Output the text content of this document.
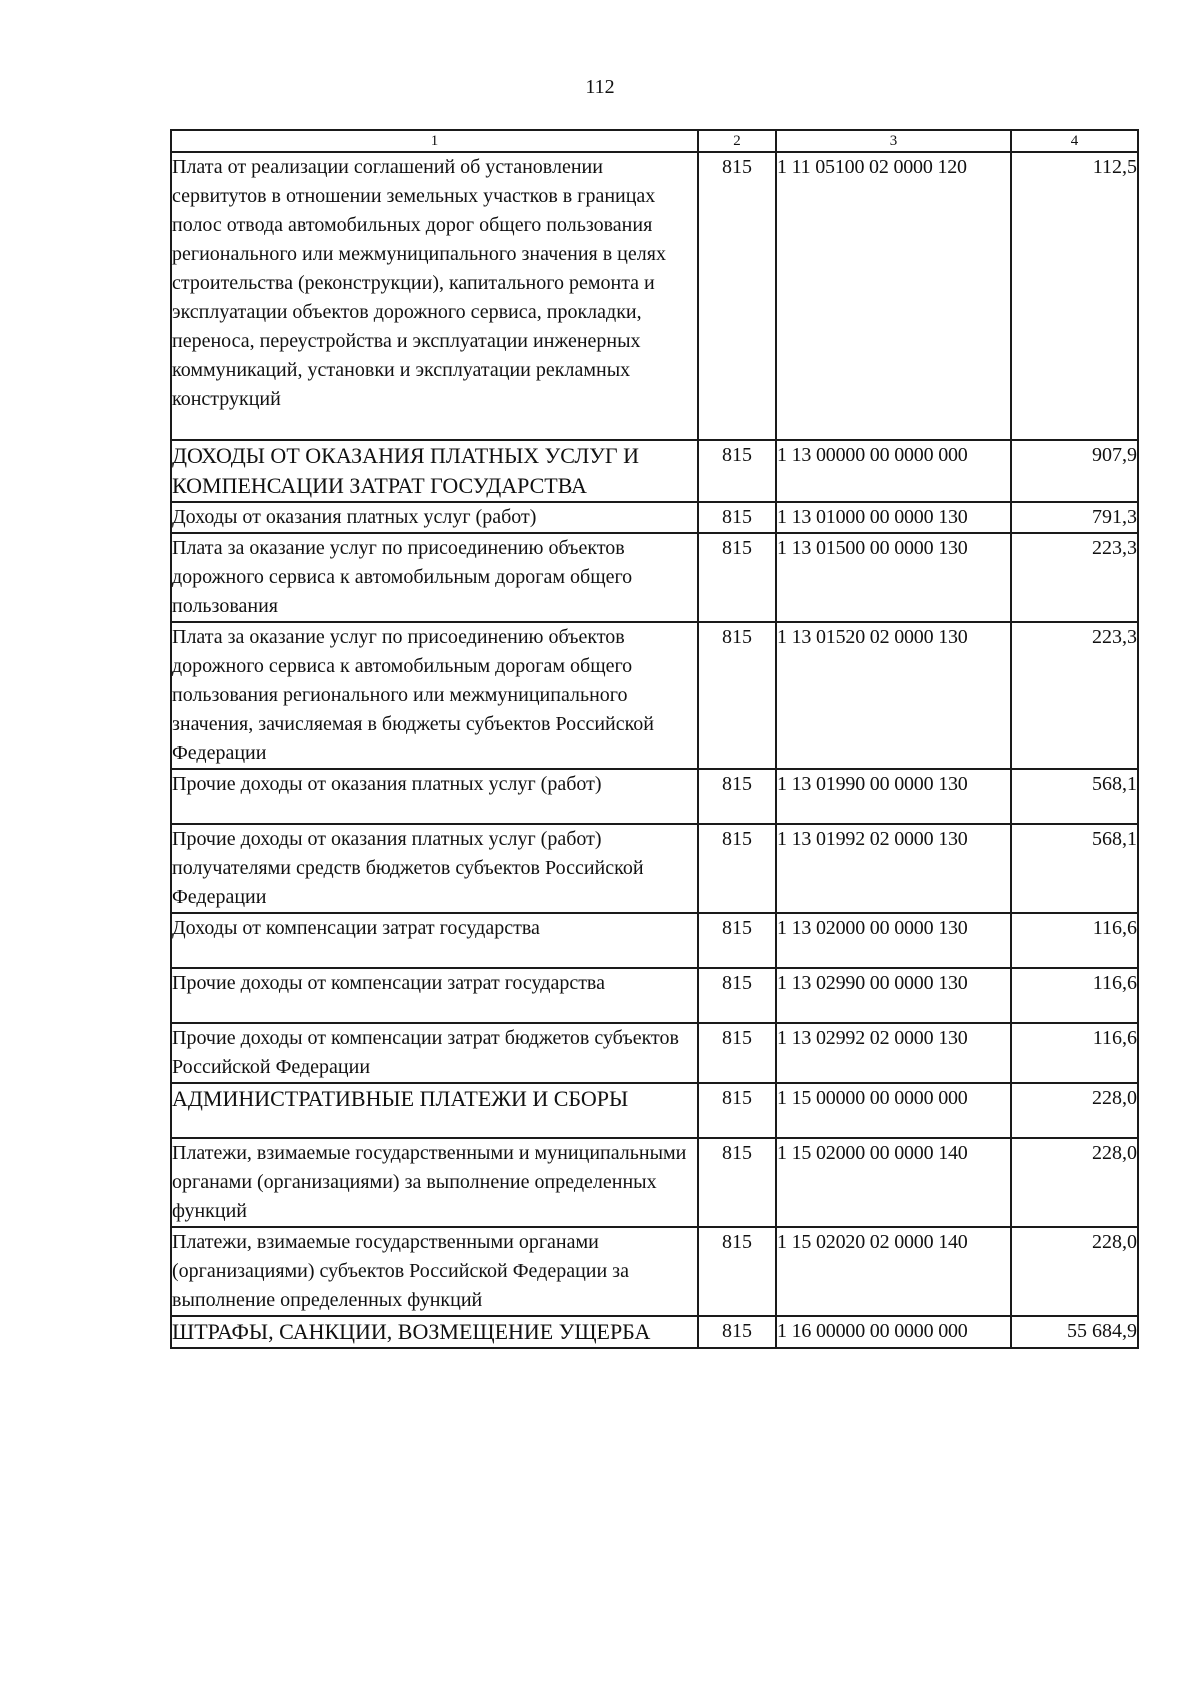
112
1	2	3	4
Плата от реализации соглашений об установлении сервитутов в отношении земельных участков в границах полос отвода автомобильных дорог общего пользования регионального или межмуниципального значения в целях строительства (реконструкции), капитального ремонта и эксплуатации объектов дорожного сервиса, прокладки, переноса, переустройства и эксплуатации инженерных коммуникаций, установки и эксплуатации рекламных конструкций	815	1 11 05100 02 0000 120	112,5
ДОХОДЫ ОТ ОКАЗАНИЯ ПЛАТНЫХ УСЛУГ И КОМПЕНСАЦИИ ЗАТРАТ ГОСУДАРСТВА	815	1 13 00000 00 0000 000	907,9
Доходы от оказания платных услуг (работ)	815	1 13 01000 00 0000 130	791,3
Плата за оказание услуг по присоединению объектов дорожного сервиса к автомобильным дорогам общего пользования	815	1 13 01500 00 0000 130	223,3
Плата за оказание услуг по присоединению объектов дорожного сервиса к автомобильным дорогам общего пользования регионального или межмуниципального значения, зачисляемая в бюджеты субъектов Российской Федерации	815	1 13 01520 02 0000 130	223,3
Прочие доходы от оказания платных услуг (работ)	815	1 13 01990 00 0000 130	568,1
Прочие доходы от оказания платных услуг (работ) получателями средств бюджетов субъектов Российской Федерации	815	1 13 01992 02 0000 130	568,1
Доходы от компенсации затрат государства	815	1 13 02000 00 0000 130	116,6
Прочие доходы от компенсации затрат государства	815	1 13 02990 00 0000 130	116,6
Прочие доходы от компенсации затрат бюджетов субъектов Российской Федерации	815	1 13 02992 02 0000 130	116,6
АДМИНИСТРАТИВНЫЕ ПЛАТЕЖИ И СБОРЫ	815	1 15 00000 00 0000 000	228,0
Платежи, взимаемые государственными и муниципальными органами (организациями) за выполнение определенных функций	815	1 15 02000 00 0000 140	228,0
Платежи, взимаемые государственными органами (организациями) субъектов Российской Федерации за выполнение определенных функций	815	1 15 02020 02 0000 140	228,0
ШТРАФЫ, САНКЦИИ, ВОЗМЕЩЕНИЕ УЩЕРБА	815	1 16 00000 00 0000 000	55 684,9
